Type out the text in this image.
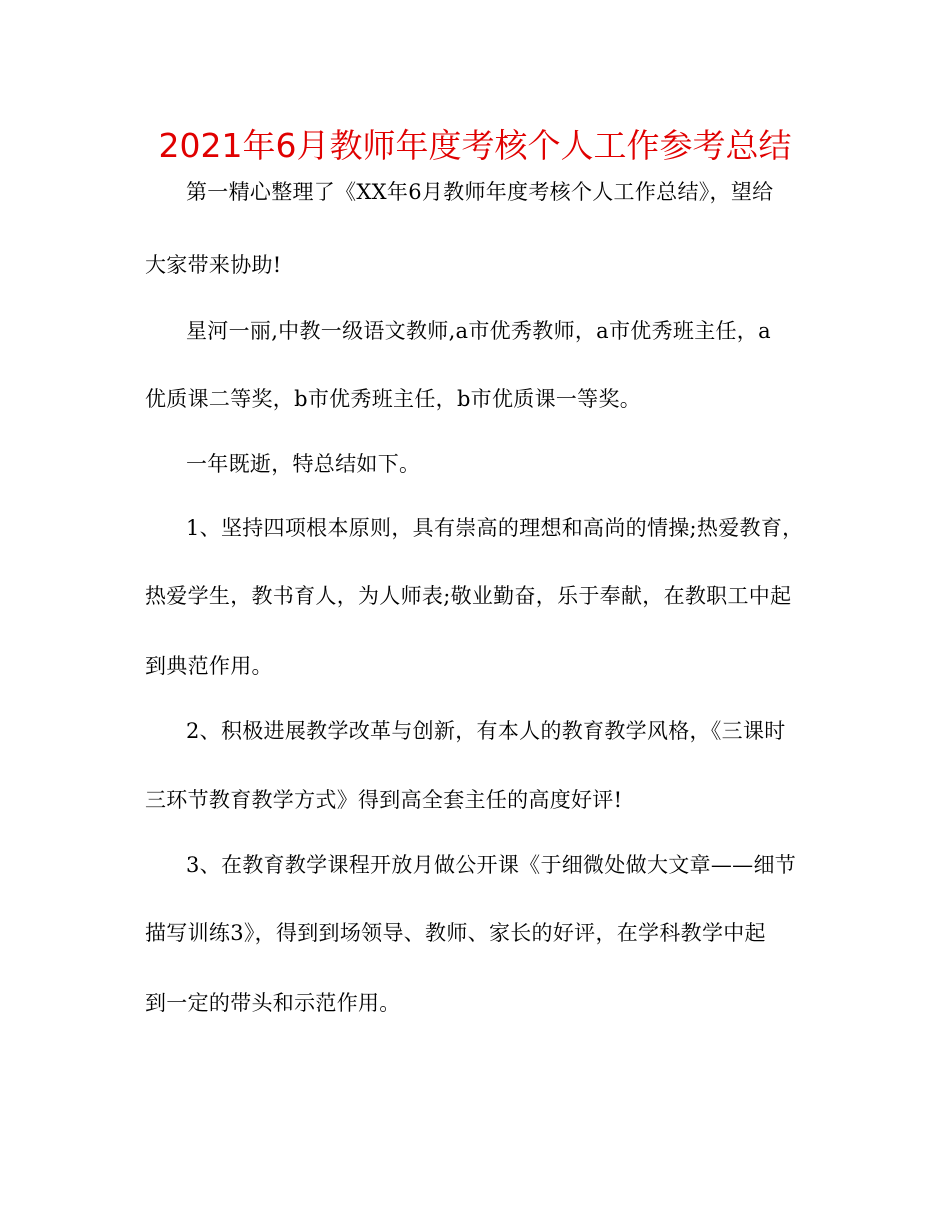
2021年6月教师年度考核个人工作参考总结
第一精心整理了《XX年6月教师年度考核个人工作总结》，望给
大家带来协助!
星河一丽,中教一级语文教师,a市优秀教师，a市优秀班主任，a
优质课二等奖，b市优秀班主任，b市优质课一等奖。
一年既逝，特总结如下。
1、坚持四项根本原则，具有崇高的理想和高尚的情操;热爱教育，
热爱学生，教书育人，为人师表;敬业勤奋，乐于奉献，在教职工中起
到典范作用。
2、积极进展教学改革与创新，有本人的教育教学风格，《三课时
三环节教育教学方式》得到高全套主任的高度好评!
3、在教育教学课程开放月做公开课《于细微处做大文章——细节
描写训练3》，得到到场领导、教师、家长的好评，在学科教学中起
到一定的带头和示范作用。
